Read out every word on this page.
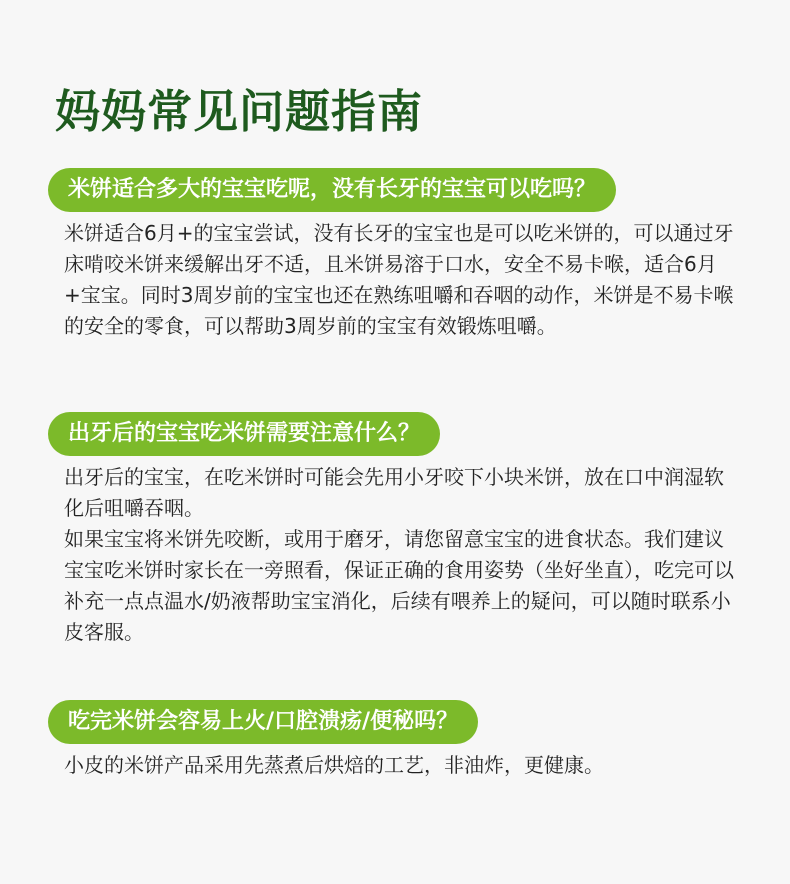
妈妈常见问题指南
米饼适合多大的宝宝吃呢，没有长牙的宝宝可以吃吗？

米饼适合6月+的宝宝尝试，没有长牙的宝宝也是可以吃米饼的，可以通过牙床啃咬米饼来缓解出牙不适，且米饼易溶于口水，安全不易卡喉，适合6月+宝宝。同时3周岁前的宝宝也还在熟练咀嚼和吞咽的动作，米饼是不易卡喉的安全的零食，可以帮助3周岁前的宝宝有效锻炼咀嚼。

出牙后的宝宝吃米饼需要注意什么？

出牙后的宝宝，在吃米饼时可能会先用小牙咬下小块米饼，放在口中润湿软化后咀嚼吞咽。

如果宝宝将米饼先咬断，或用于磨牙，请您留意宝宝的进食状态。我们建议宝宝吃米饼时家长在一旁照看，保证正确的食用姿势（坐好坐直），吃完可以补充一点点温水/奶液帮助宝宝消化，后续有喂养上的疑问，可以随时联系小皮客服。

吃完米饼会容易上火/口腔溃疡/便秘吗？

小皮的米饼产品采用先蒸煮后烘焙的工艺，非油炸，更健康。
